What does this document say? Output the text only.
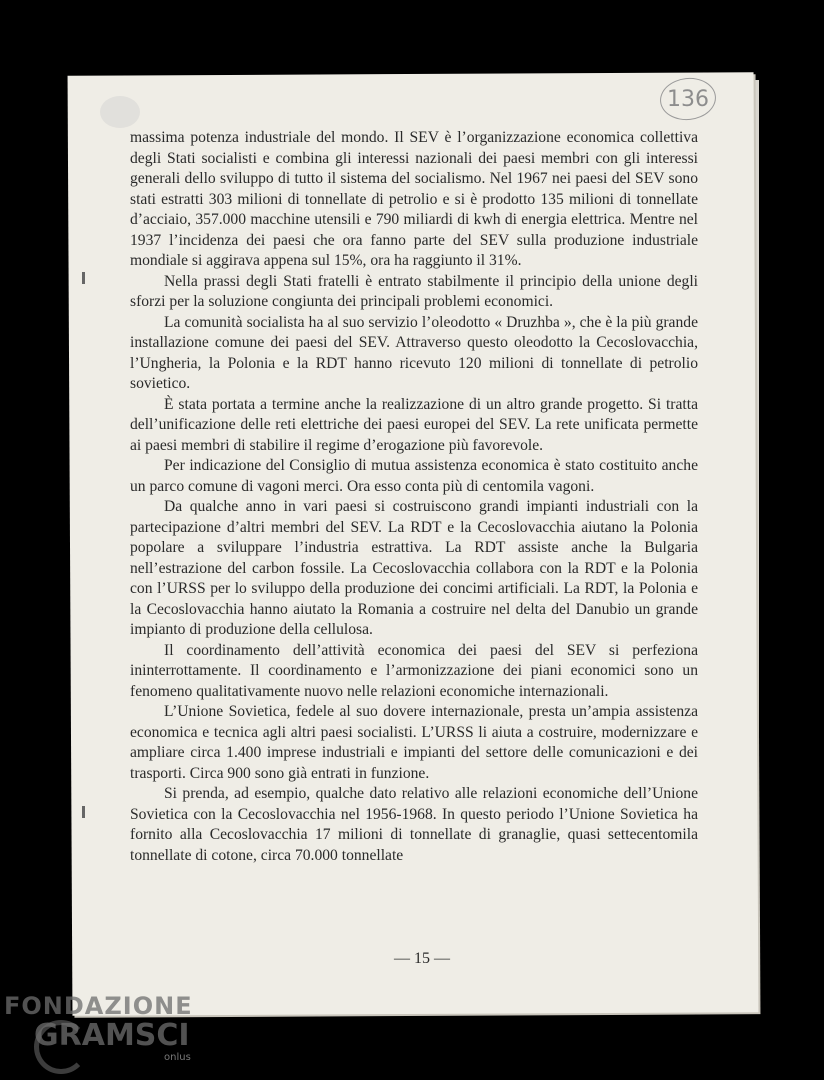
136

massima potenza industriale del mondo. Il SEV è l’organizzazione economica collettiva degli Stati socialisti e combina gli interessi nazionali dei paesi membri con gli interessi generali dello sviluppo di tutto il sistema del socialismo. Nel 1967 nei paesi del SEV sono stati estratti 303 milioni di tonnellate di petrolio e si è prodotto 135 milioni di tonnellate d’acciaio, 357.000 macchine utensili e 790 miliardi di kwh di energia elettrica. Mentre nel 1937 l’incidenza dei paesi che ora fanno parte del SEV sulla produzione industriale mondiale si aggirava appena sul 15%, ora ha raggiunto il 31%.

Nella prassi degli Stati fratelli è entrato stabilmente il principio della unione degli sforzi per la soluzione congiunta dei principali problemi economici.

La comunità socialista ha al suo servizio l’oleodotto « Druzhba », che è la più grande installazione comune dei paesi del SEV. Attraverso questo oleodotto la Cecoslovacchia, l’Ungheria, la Polonia e la RDT hanno ricevuto 120 milioni di tonnellate di petrolio sovietico.

È stata portata a termine anche la realizzazione di un altro grande progetto. Si tratta dell’unificazione delle reti elettriche dei paesi europei del SEV. La rete unificata permette ai paesi membri di stabilire il regime d’erogazione più favorevole.

Per indicazione del Consiglio di mutua assistenza economica è stato costituito anche un parco comune di vagoni merci. Ora esso conta più di centomila vagoni.

Da qualche anno in vari paesi si costruiscono grandi impianti industriali con la partecipazione d’altri membri del SEV. La RDT e la Cecoslovacchia aiutano la Polonia popolare a sviluppare l’industria estrattiva. La RDT assiste anche la Bulgaria nell’estrazione del carbon fossile. La Cecoslovacchia collabora con la RDT e la Polonia con l’URSS per lo sviluppo della produzione dei concimi artificiali. La RDT, la Polonia e la Cecoslovacchia hanno aiutato la Romania a costruire nel delta del Danubio un grande impianto di produzione della cellulosa.

Il coordinamento dell’attività economica dei paesi del SEV si perfeziona ininterrottamente. Il coordinamento e l’armonizzazione dei piani economici sono un fenomeno qualitativamente nuovo nelle relazioni economiche internazionali.

L’Unione Sovietica, fedele al suo dovere internazionale, presta un’ampia assistenza economica e tecnica agli altri paesi socialisti. L’URSS li aiuta a costruire, modernizzare e ampliare circa 1.400 imprese industriali e impianti del settore delle comunicazioni e dei trasporti. Circa 900 sono già entrati in funzione.

Si prenda, ad esempio, qualche dato relativo alle relazioni economiche dell’Unione Sovietica con la Cecoslovacchia nel 1956-1968. In questo periodo l’Unione Sovietica ha fornito alla Cecoslovacchia 17 milioni di tonnellate di granaglie, quasi settecentomila tonnellate di cotone, circa 70.000 tonnellate

— 15 —
FONDAZIONE
GRAMSCI
onlus
